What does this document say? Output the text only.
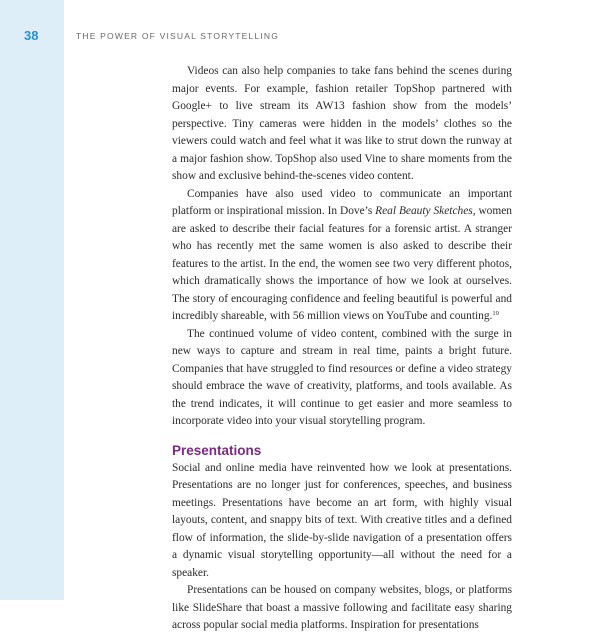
38	THE POWER OF VISUAL STORYTELLING

Videos can also help companies to take fans behind the scenes during major events. For example, fashion retailer TopShop partnered with Google+ to live stream its AW13 fashion show from the models’ perspective. Tiny cameras were hidden in the models’ clothes so the viewers could watch and feel what it was like to strut down the runway at a major fashion show. TopShop also used Vine to share moments from the show and exclusive behind-the-scenes video content.

Companies have also used video to communicate an important platform or inspirational mission. In Dove’s Real Beauty Sketches, women are asked to describe their facial features for a forensic artist. A stranger who has recently met the same women is also asked to describe their features to the artist. In the end, the women see two very different photos, which dramatically shows the importance of how we look at ourselves. The story of encouraging confidence and feeling beautiful is powerful and incredibly shareable, with 56 million views on YouTube and counting.$^{19}$

The continued volume of video content, combined with the surge in new ways to capture and stream in real time, paints a bright future. Companies that have struggled to find resources or define a video strategy should embrace the wave of creativity, platforms, and tools available. As the trend indicates, it will continue to get easier and more seamless to incorporate video into your visual storytelling program.

Presentations

Social and online media have reinvented how we look at presentations. Presentations are no longer just for conferences, speeches, and business meetings. Presentations have become an art form, with highly visual layouts, content, and snappy bits of text. With creative titles and a defined flow of information, the slide-by-slide navigation of a presentation offers a dynamic visual storytelling opportunity—all without the need for a speaker.

Presentations can be housed on company websites, blogs, or platforms like SlideShare that boast a massive following and facilitate easy sharing across popular social media platforms. Inspiration for presentations
